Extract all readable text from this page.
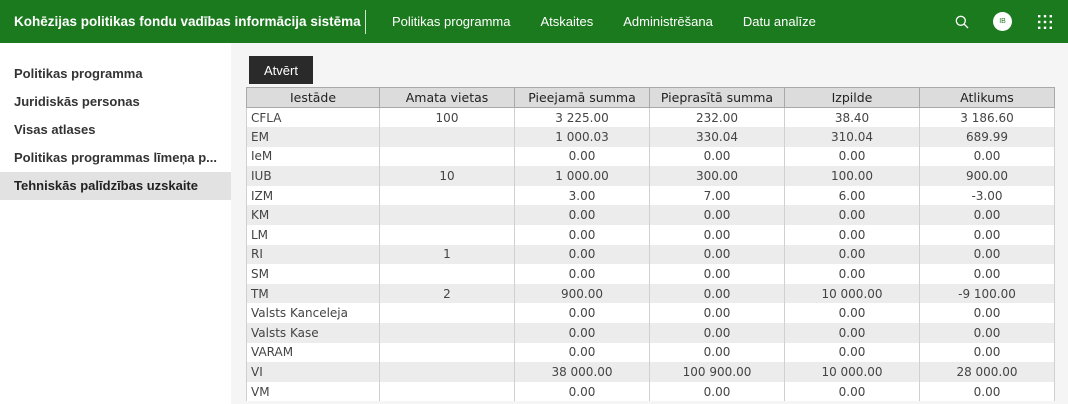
Kohēzijas politikas fondu vadības informācija sistēma	Politikas programma Atskaites Administrēšana Datu analīze	IB
Politikas programma
Juridiskās personas
Visas atlases
Politikas programmas līmeņa p...
Tehniskās palīdzības uzskaite
Atvērt
Iestāde	Amata vietas	Pieejamā summa	Pieprasītā summa	Izpilde	Atlikums
CFLA	100	3 225.00	232.00	38.40	3 186.60
EM		1 000.03	330.04	310.04	689.99
IeM		0.00	0.00	0.00	0.00
IUB	10	1 000.00	300.00	100.00	900.00
IZM		3.00	7.00	6.00	-3.00
KM		0.00	0.00	0.00	0.00
LM		0.00	0.00	0.00	0.00
RI	1	0.00	0.00	0.00	0.00
SM		0.00	0.00	0.00	0.00
TM	2	900.00	0.00	10 000.00	-9 100.00
Valsts Kanceleja		0.00	0.00	0.00	0.00
Valsts Kase		0.00	0.00	0.00	0.00
VARAM		0.00	0.00	0.00	0.00
VI		38 000.00	100 900.00	10 000.00	28 000.00
VM		0.00	0.00	0.00	0.00
